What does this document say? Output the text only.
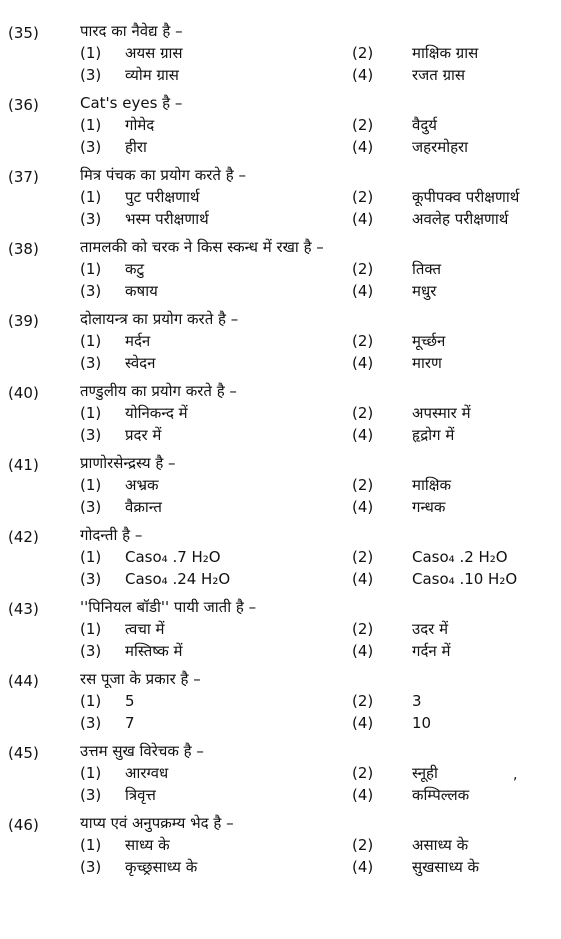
(35)	पारद का नैवेद्य है –
(1) अयस ग्रास	(2)	माक्षिक ग्रास
(3) व्योम ग्रास	(4)	रजत ग्रास
(36)	Cat's eyes है –
(1) गोमेद	(2)	वैदुर्य
(3) हीरा	(4)	जहरमोहरा
(37)	मित्र पंचक का प्रयोग करते है –
(1) पुट परीक्षणार्थ	(2)	कूपीपक्व परीक्षणार्थ
(3) भस्म परीक्षणार्थ	(4)	अवलेह परीक्षणार्थ
(38)	तामलकी को चरक ने किस स्कन्ध में रखा है –
(1) कटु	(2)	तिक्त
(3) कषाय	(4)	मधुर
(39)	दोलायन्त्र का प्रयोग करते है –
(1) मर्दन	(2)	मूर्च्छन
(3) स्वेदन	(4)	मारण
(40)	तण्डुलीय का प्रयोग करते है –
(1) योनिकन्द में	(2)	अपस्मार में
(3) प्रदर में	(4)	हृद्रोग में
(41)	प्राणोरसेन्द्रस्य है –
(1) अभ्रक	(2)	माक्षिक
(3) वैक्रान्त	(4)	गन्धक
(42)	गोदन्ती है –
(1) Caso₄ .7 H₂O	(2)	Caso₄ .2 H₂O
(3) Caso₄ .24 H₂O	(4)	Caso₄ .10 H₂O
(43)	''पिनियल बॉडी'' पायी जाती है –
(1) त्वचा में	(2)	उदर में
(3) मस्तिष्क में	(4)	गर्दन में
(44)	रस पूजा के प्रकार है –
(1) 5	(2)	3
(3) 7	(4)	10
(45)	उत्तम सुख विरेचक है –
(1) आरग्वध	(2)	स्नूही
(3) त्रिवृत्त	(4)	कम्पिल्लक
(46)	याप्य एवं अनुपक्रम्य भेद है –
(1) साध्य के	(2)	असाध्य के
(3) कृच्छ्रसाध्य के	(4)	सुखसाध्य के
,
